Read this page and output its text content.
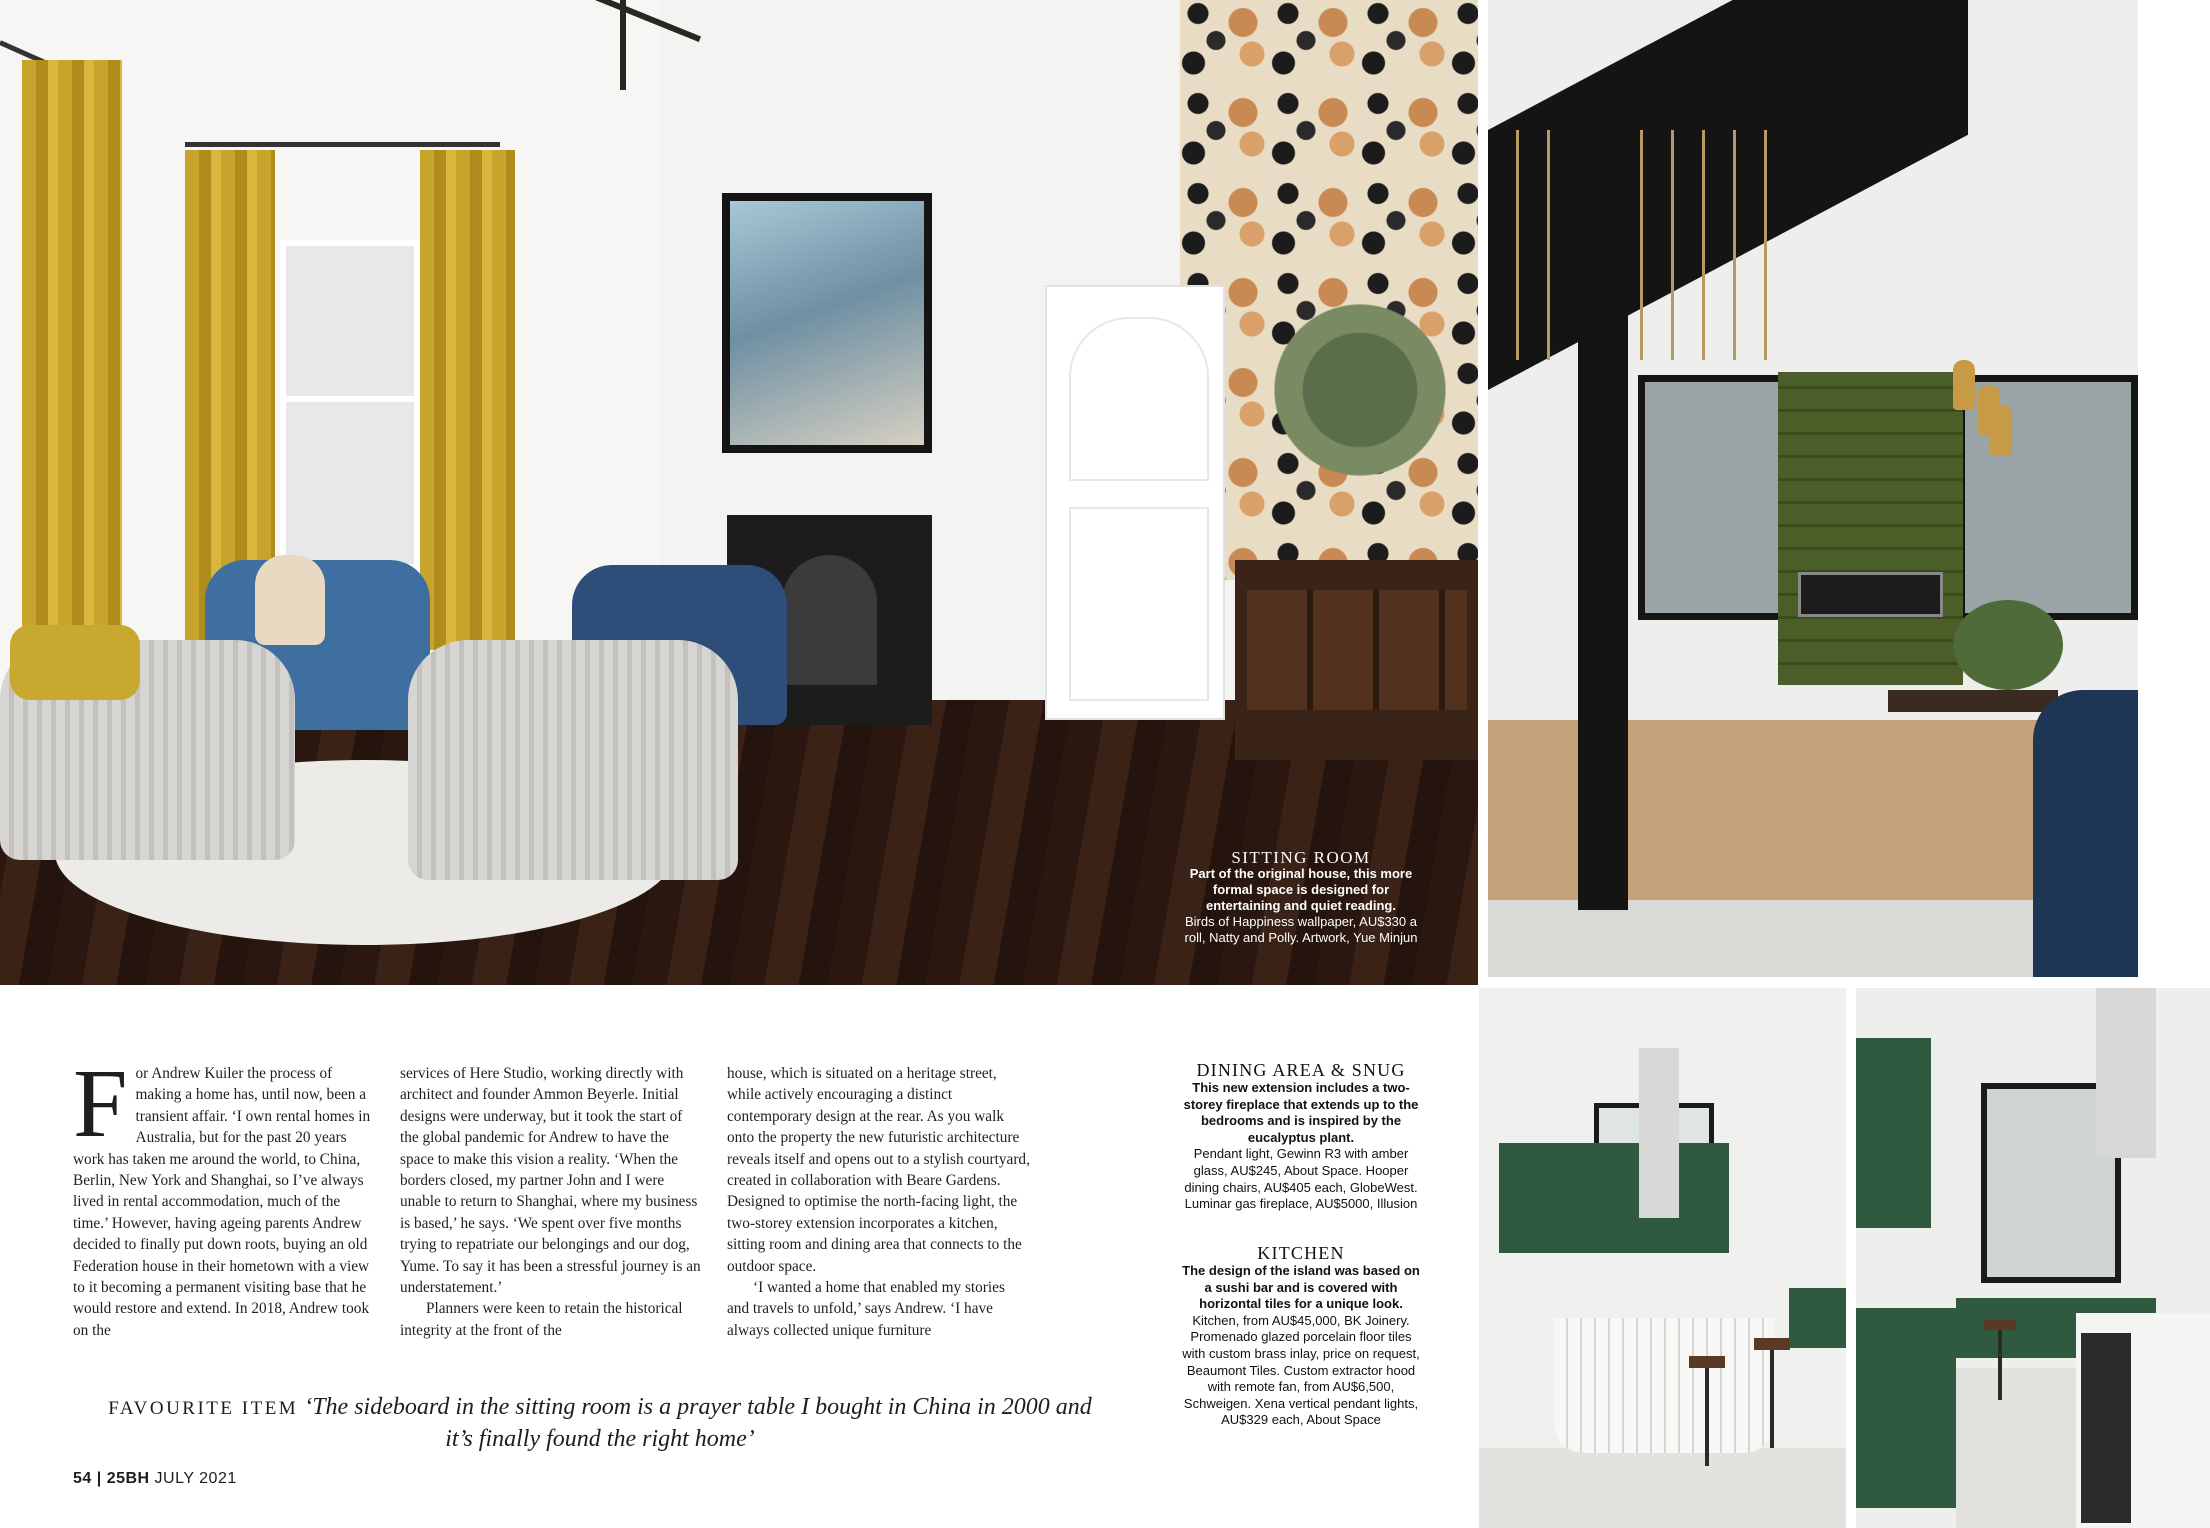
SITTING ROOM
Part of the original house, this more formal space is designed for entertaining and quiet reading.
Birds of Happiness wallpaper, AU$330 a roll, Natty and Polly. Artwork, Yue Minjun
DINING AREA & SNUG
This new extension includes a two-storey fireplace that extends up to the bedrooms and is inspired by the eucalyptus plant.
Pendant light, Gewinn R3 with amber glass, AU$245, About Space. Hooper dining chairs, AU$405 each, GlobeWest. Luminar gas fireplace, AU$5000, Illusion
KITCHEN
The design of the island was based on a sushi bar and is covered with horizontal tiles for a unique look.
Kitchen, from AU$45,000, BK Joinery. Promenado glazed porcelain floor tiles with custom brass inlay, price on request, Beaumont Tiles. Custom extractor hood with remote fan, from AU$6,500, Schweigen. Xena vertical pendant lights, AU$329 each, About Space
F or Andrew Kuiler the process of making a home has, until now, been a transient affair. ‘I own rental homes in Australia, but for the past 20 years work has taken me around the world, to China, Berlin, New York and Shanghai, so I’ve always lived in rental accommodation, much of the time.’ However, having ageing parents Andrew decided to finally put down roots, buying an old Federation house in their hometown with a view to it becoming a permanent visiting base that he would restore and extend. In 2018, Andrew took on the
services of Here Studio, working directly with architect and founder Ammon Beyerle. Initial designs were underway, but it took the start of the global pandemic for Andrew to have the space to make this vision a reality. ‘When the borders closed, my partner John and I were unable to return to Shanghai, where my business is based,’ he says. ‘We spent over five months trying to repatriate our belongings and our dog, Yume. To say it has been a stressful journey is an understatement.’
Planners were keen to retain the historical integrity at the front of the
house, which is situated on a heritage street, while actively encouraging a distinct contemporary design at the rear. As you walk onto the property the new futuristic architecture reveals itself and opens out to a stylish courtyard, created in collaboration with Beare Gardens. Designed to optimise the north-facing light, the two-storey extension incorporates a kitchen, sitting room and dining area that connects to the outdoor space.
‘I wanted a home that enabled my stories and travels to unfold,’ says Andrew. ‘I have always collected unique furniture
FAVOURITE ITEM ‘The sideboard in the sitting room is a prayer table I bought in China in 2000 and it’s finally found the right home’
54 | 25BH JULY 2021
